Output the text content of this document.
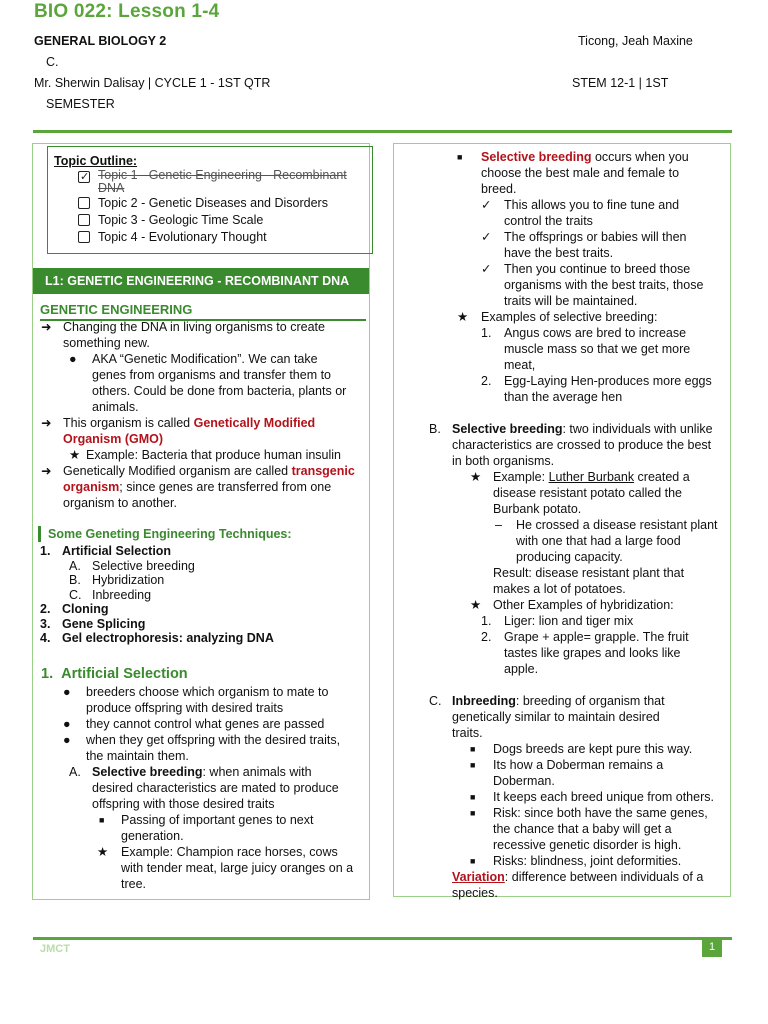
BIO 022: Lesson 1-4
GENERAL BIOLOGY 2	Ticong, Jeah Maxine
C.
Mr. Sherwin Dalisay | CYCLE 1 - 1ST QTR	STEM 12-1 | 1ST
SEMESTER
Topic Outline:
✓
Topic 1 - Genetic Engineering - Recombinant
DNA
Topic 2 - Genetic Diseases and Disorders
Topic 3 - Geologic Time Scale
Topic 4 - Evolutionary Thought
L1: GENETIC ENGINEERING - RECOMBINANT DNA
GENETIC ENGINEERING
➜ Changing the DNA in living organisms to create something new.
● AKA “Genetic Modification”. We can take genes from organisms and transfer them to others. Could be done from bacteria, plants or animals.
➜ This organism is called Genetically Modified Organism (GMO)
★ Example: Bacteria that produce human insulin
➜ Genetically Modified organism are called transgenic organism; since genes are transferred from one organism to another.
Some Geneting Engineering Techniques:
1. Artificial Selection
A. Selective breeding
B. Hybridization
C. Inbreeding
2. Cloning
3. Gene Splicing
4. Gel electrophoresis: analyzing DNA
1. Artificial Selection
● breeders choose which organism to mate to produce offspring with desired traits
● they cannot control what genes are passed
● when they get offspring with the desired traits, the maintain them.
A. Selective breeding: when animals with desired characteristics are mated to produce offspring with those desired traits
■ Passing of important genes to next generation.
★ Example: Champion race horses, cows with tender meat, large juicy oranges on a tree.
■ Selective breeding occurs when you choose the best male and female to breed.
✓ This allows you to fine tune and control the traits
✓ The offsprings or babies will then have the best traits.
✓ Then you continue to breed those organisms with the best traits, those traits will be maintained.
★ Examples of selective breeding:
1. Angus cows are bred to increase muscle mass so that we get more meat,
2. Egg-Laying Hen-produces more eggs than the average hen
B. Selective breeding: two individuals with unlike characteristics are crossed to produce the best in both organisms.
★ Example: Luther Burbank created a disease resistant potato called the Burbank potato.
– He crossed a disease resistant plant with one that had a large food producing capacity.
Result: disease resistant plant that makes a lot of potatoes.
★ Other Examples of hybridization:
1. Liger: lion and tiger mix
2. Grape + apple= grapple. The fruit tastes like grapes and looks like apple.
C. Inbreeding: breeding of organism that genetically similar to maintain desired traits.
■ Dogs breeds are kept pure this way.
■ Its how a Doberman remains a Doberman.
■ It keeps each breed unique from others.
■ Risk: since both have the same genes, the chance that a baby will get a recessive genetic disorder is high.
■ Risks: blindness, joint deformities.
Variation: difference between individuals of a species.
JMCT	1
